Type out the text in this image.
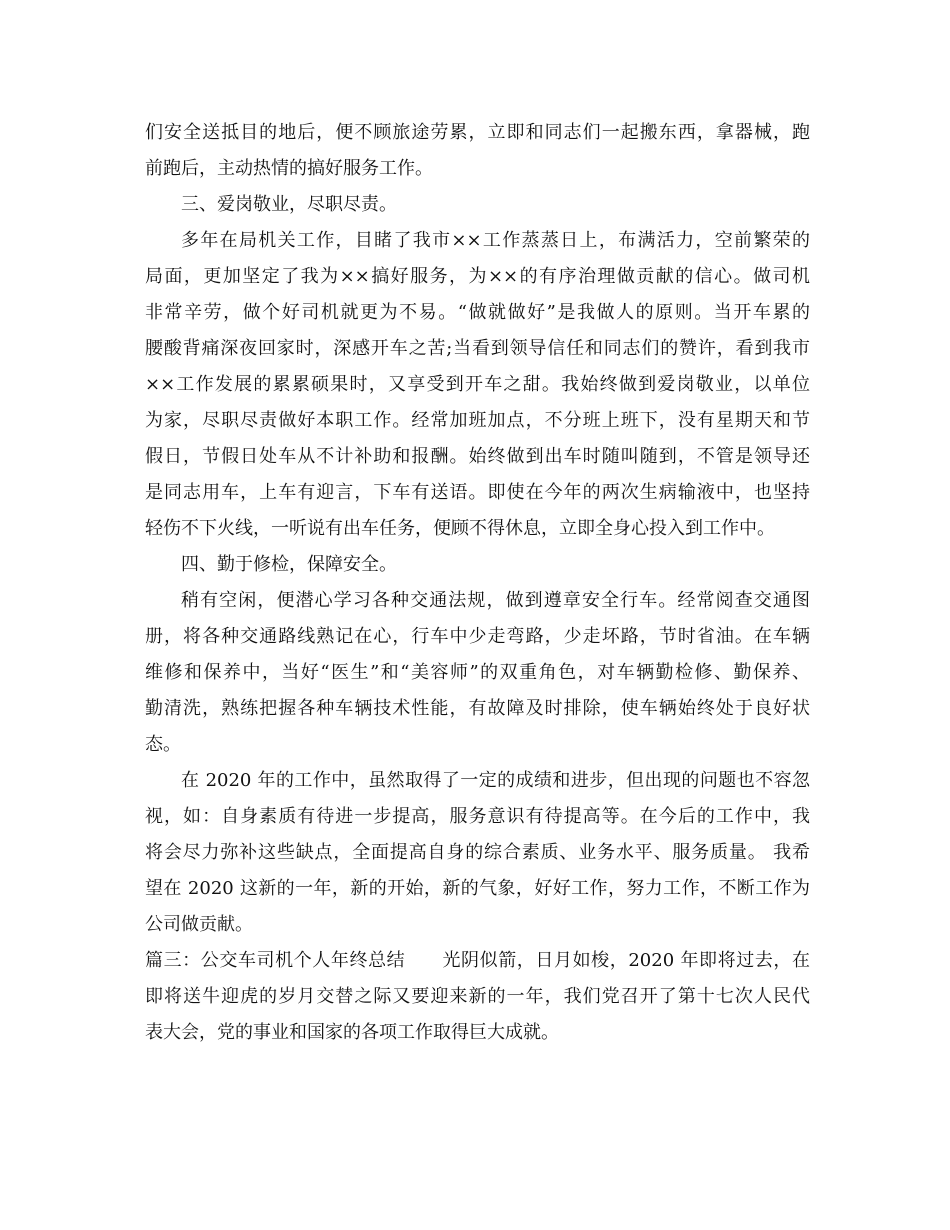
们安全送抵目的地后，便不顾旅途劳累，立即和同志们一起搬东西，拿器械，跑
前跑后，主动热情的搞好服务工作。
三、爱岗敬业，尽职尽责。
多年在局机关工作，目睹了我市××工作蒸蒸日上，布满活力，空前繁荣的
局面，更加坚定了我为××搞好服务，为××的有序治理做贡献的信心。做司机
非常辛劳，做个好司机就更为不易。“做就做好”是我做人的原则。当开车累的
腰酸背痛深夜回家时，深感开车之苦;当看到领导信任和同志们的赞许，看到我市
××工作发展的累累硕果时，又享受到开车之甜。我始终做到爱岗敬业，以单位
为家，尽职尽责做好本职工作。经常加班加点，不分班上班下，没有星期天和节
假日，节假日处车从不计补助和报酬。始终做到出车时随叫随到，不管是领导还
是同志用车，上车有迎言，下车有送语。即使在今年的两次生病输液中，也坚持
轻伤不下火线，一听说有出车任务，便顾不得休息，立即全身心投入到工作中。
四、勤于修检，保障安全。
稍有空闲，便潜心学习各种交通法规，做到遵章安全行车。经常阅查交通图
册，将各种交通路线熟记在心，行车中少走弯路，少走坏路，节时省油。在车辆
维修和保养中，当好“医生”和“美容师”的双重角色，对车辆勤检修、勤保养、
勤清洗，熟练把握各种车辆技术性能，有故障及时排除，使车辆始终处于良好状
态。
在 2020 年的工作中，虽然取得了一定的成绩和进步，但出现的问题也不容忽
视，如：自身素质有待进一步提高，服务意识有待提高等。在今后的工作中，我
将会尽力弥补这些缺点，全面提高自身的综合素质、业务水平、服务质量。 我希
望在 2020 这新的一年，新的开始，新的气象，好好工作，努力工作，不断工作为
公司做贡献。
篇三：公交车司机个人年终总结　　光阴似箭，日月如梭，2020 年即将过去，在
即将送牛迎虎的岁月交替之际又要迎来新的一年，我们党召开了第十七次人民代
表大会，党的事业和国家的各项工作取得巨大成就。
